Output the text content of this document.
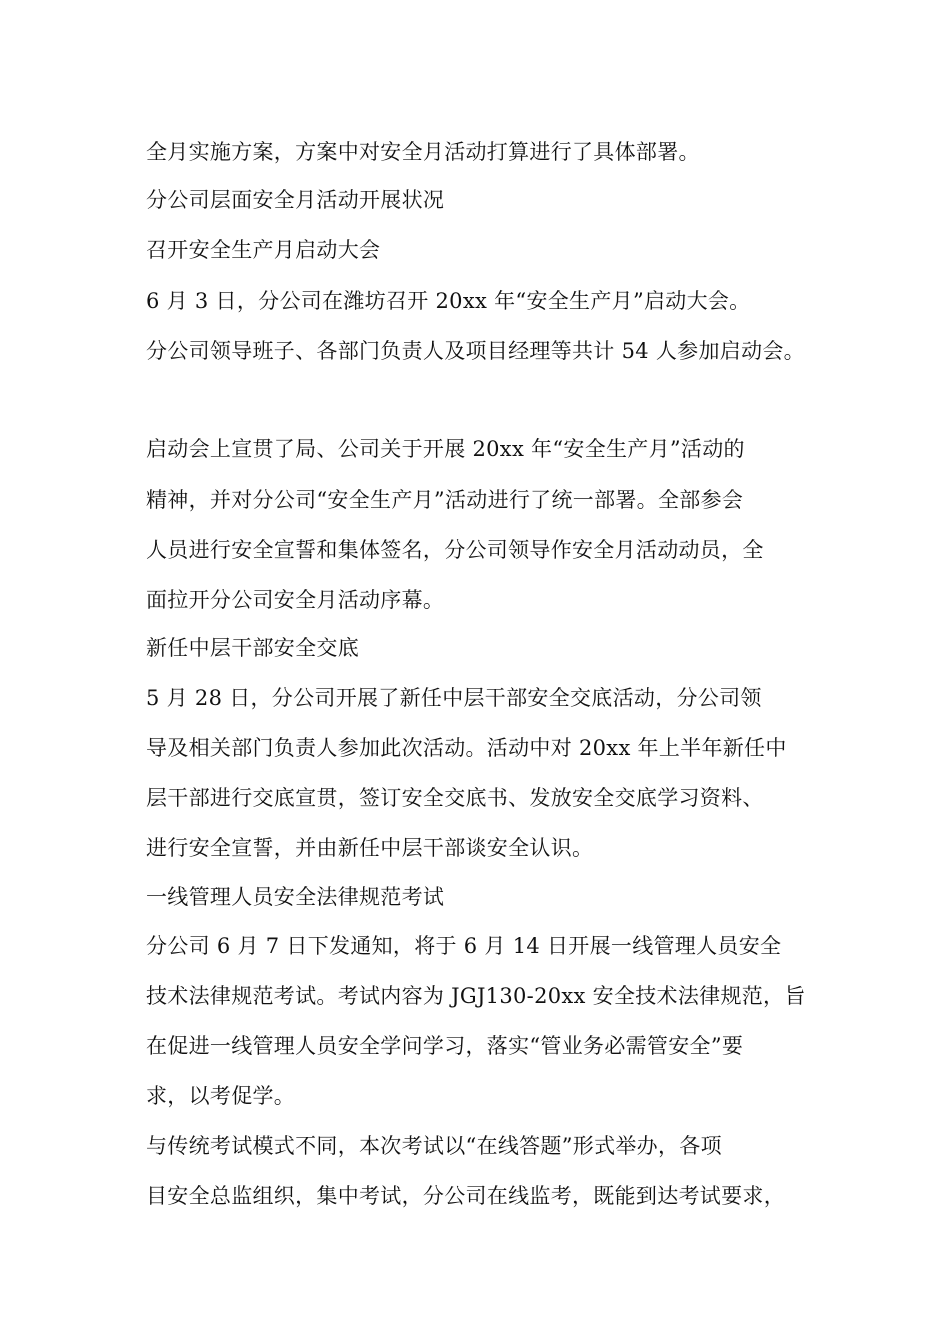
全月实施方案，方案中对安全月活动打算进行了具体部署。
分公司层面安全月活动开展状况
召开安全生产月启动大会
6 月 3 日，分公司在潍坊召开 20xx 年“安全生产月”启动大会。
分公司领导班子、各部门负责人及项目经理等共计 54 人参加启动会。
启动会上宣贯了局、公司关于开展 20xx 年“安全生产月”活动的
精神，并对分公司“安全生产月”活动进行了统一部署。全部参会
人员进行安全宣誓和集体签名，分公司领导作安全月活动动员，全
面拉开分公司安全月活动序幕。
新任中层干部安全交底
5 月 28 日，分公司开展了新任中层干部安全交底活动，分公司领
导及相关部门负责人参加此次活动。活动中对 20xx 年上半年新任中
层干部进行交底宣贯，签订安全交底书、发放安全交底学习资料、
进行安全宣誓，并由新任中层干部谈安全认识。
一线管理人员安全法律规范考试
分公司 6 月 7 日下发通知，将于 6 月 14 日开展一线管理人员安全
技术法律规范考试。考试内容为 JGJ130-20xx 安全技术法律规范，旨
在促进一线管理人员安全学问学习，落实“管业务必需管安全”要
求，以考促学。
与传统考试模式不同，本次考试以“在线答题”形式举办，各项
目安全总监组织，集中考试，分公司在线监考，既能到达考试要求，
